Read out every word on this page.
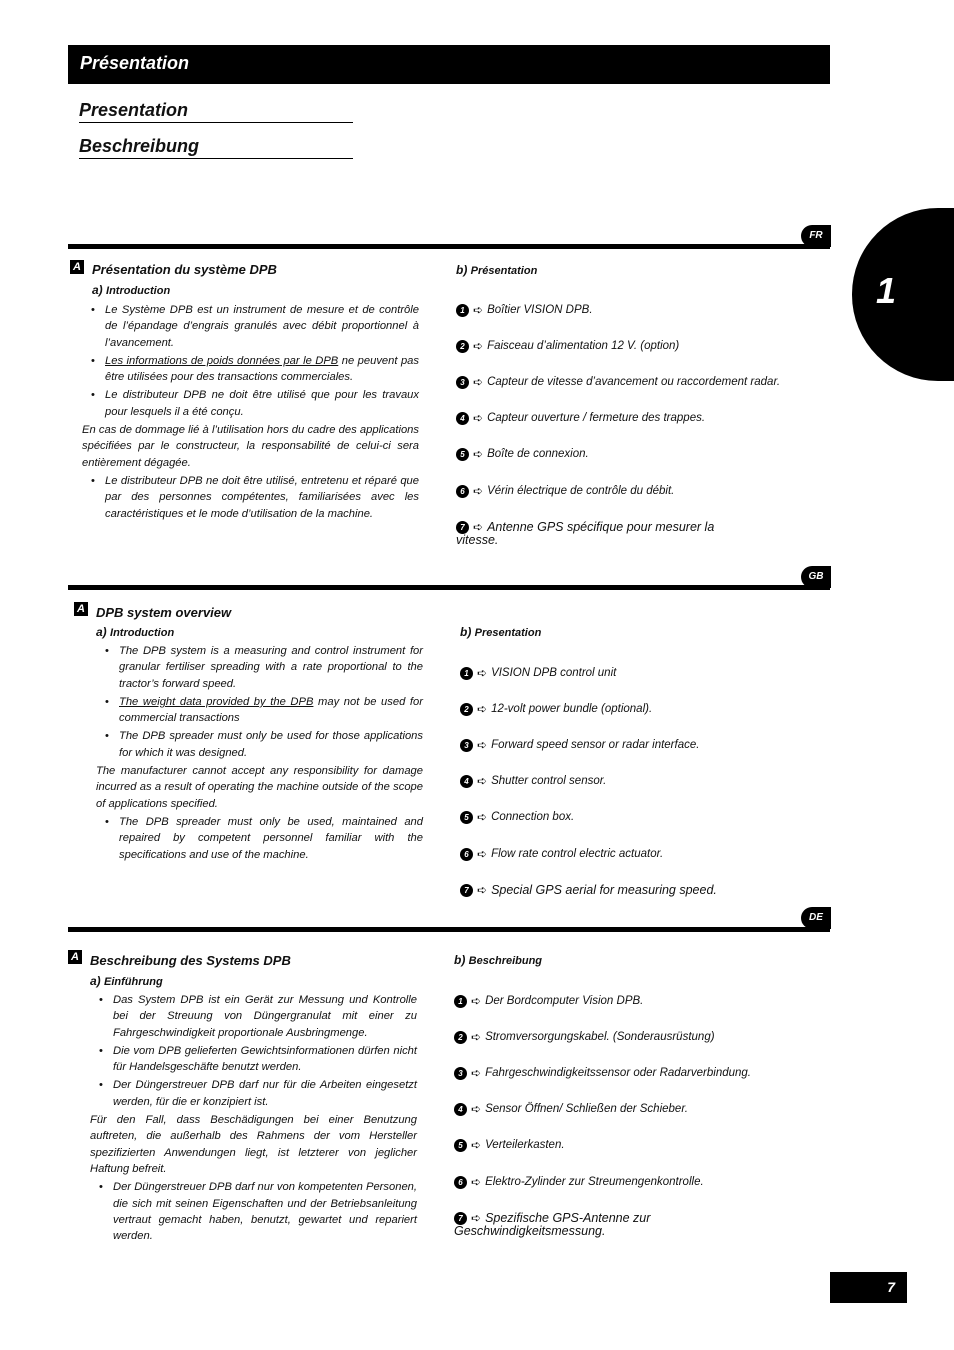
Présentation
Presentation
Beschreibung
1
FR
A Présentation du système DPB
a) Introduction

• Le Système DPB est un instrument de mesure et de contrôle de l’épandage d’engrais granulés avec débit proportionnel à l’avancement.

• Les informations de poids données par le DPB ne peuvent pas être utilisées pour des transactions commerciales.

• Le distributeur DPB ne doit être utilisé que pour les travaux pour lesquels il a été conçu.

En cas de dommage lié à l’utilisation hors du cadre des applications spécifiées par le constructeur, la responsabilité de celui-ci sera entièrement dégagée.

• Le distributeur DPB ne doit être utilisé, entretenu et réparé que par des personnes compétentes, familiarisées avec les caractéristiques et le mode d’utilisation de la machine.

b) Présentation
1 ➪ Boîtier VISION DPB.
2 ➪ Faisceau d’alimentation 12 V. (option)
3 ➪ Capteur de vitesse d’avancement ou raccordement radar.
4 ➪ Capteur ouverture / fermeture des trappes.
5 ➪ Boîte de connexion.
6 ➪ Vérin électrique de contrôle du débit.
7 ➪ Antenne GPS spécifique pour mesurer la vitesse.
GB
A DPB system overview
a) Introduction

• The DPB system is a measuring and control instrument for granular fertiliser spreading with a rate proportional to the tractor’s forward speed.

• The weight data provided by the DPB may not be used for commercial transactions

• The DPB spreader must only be used for those applications for which it was designed.

The manufacturer cannot accept any responsibility for damage incurred as a result of operating the machine outside of the scope of applications specified.

• The DPB spreader must only be used, maintained and repaired by competent personnel familiar with the specifications and use of the machine.

b) Presentation
1 ➪ VISION DPB control unit
2 ➪ 12-volt power bundle (optional).
3 ➪ Forward speed sensor or radar interface.
4 ➪ Shutter control sensor.
5 ➪ Connection box.
6 ➪ Flow rate control electric actuator.
7 ➪ Special GPS aerial for measuring speed.
DE
A Beschreibung des Systems DPB
a) Einführung

• Das System DPB ist ein Gerät zur Messung und Kontrolle bei der Streuung von Düngergranulat mit einer zu Fahrgeschwindigkeit proportionale Ausbringmenge.

• Die vom DPB gelieferten Gewichtsinformationen dürfen nicht für Handelsgeschäfte benutzt werden.

• Der Düngerstreuer DPB darf nur für die Arbeiten eingesetzt werden, für die er konzipiert ist.

Für den Fall, dass Beschädigungen bei einer Benutzung auftreten, die außerhalb des Rahmens der vom Hersteller spezifizierten Anwendungen liegt, ist letzterer von jeglicher Haftung befreit.

• Der Düngerstreuer DPB darf nur von kompetenten Personen, die sich mit seinen Eigenschaften und der Betriebsanleitung vertraut gemacht haben, benutzt, gewartet und repariert werden.

b) Beschreibung
1 ➪ Der Bordcomputer Vision DPB.
2 ➪ Stromversorgungskabel. (Sonderausrüstung)
3 ➪ Fahrgeschwindigkeitssensor oder Radarverbindung.
4 ➪ Sensor Öffnen/ Schließen der Schieber.
5 ➪ Verteilerkasten.
6 ➪ Elektro-Zylinder zur Streumengenkontrolle.
7 ➪ Spezifische GPS-Antenne zur Geschwindigkeitsmessung.
7
